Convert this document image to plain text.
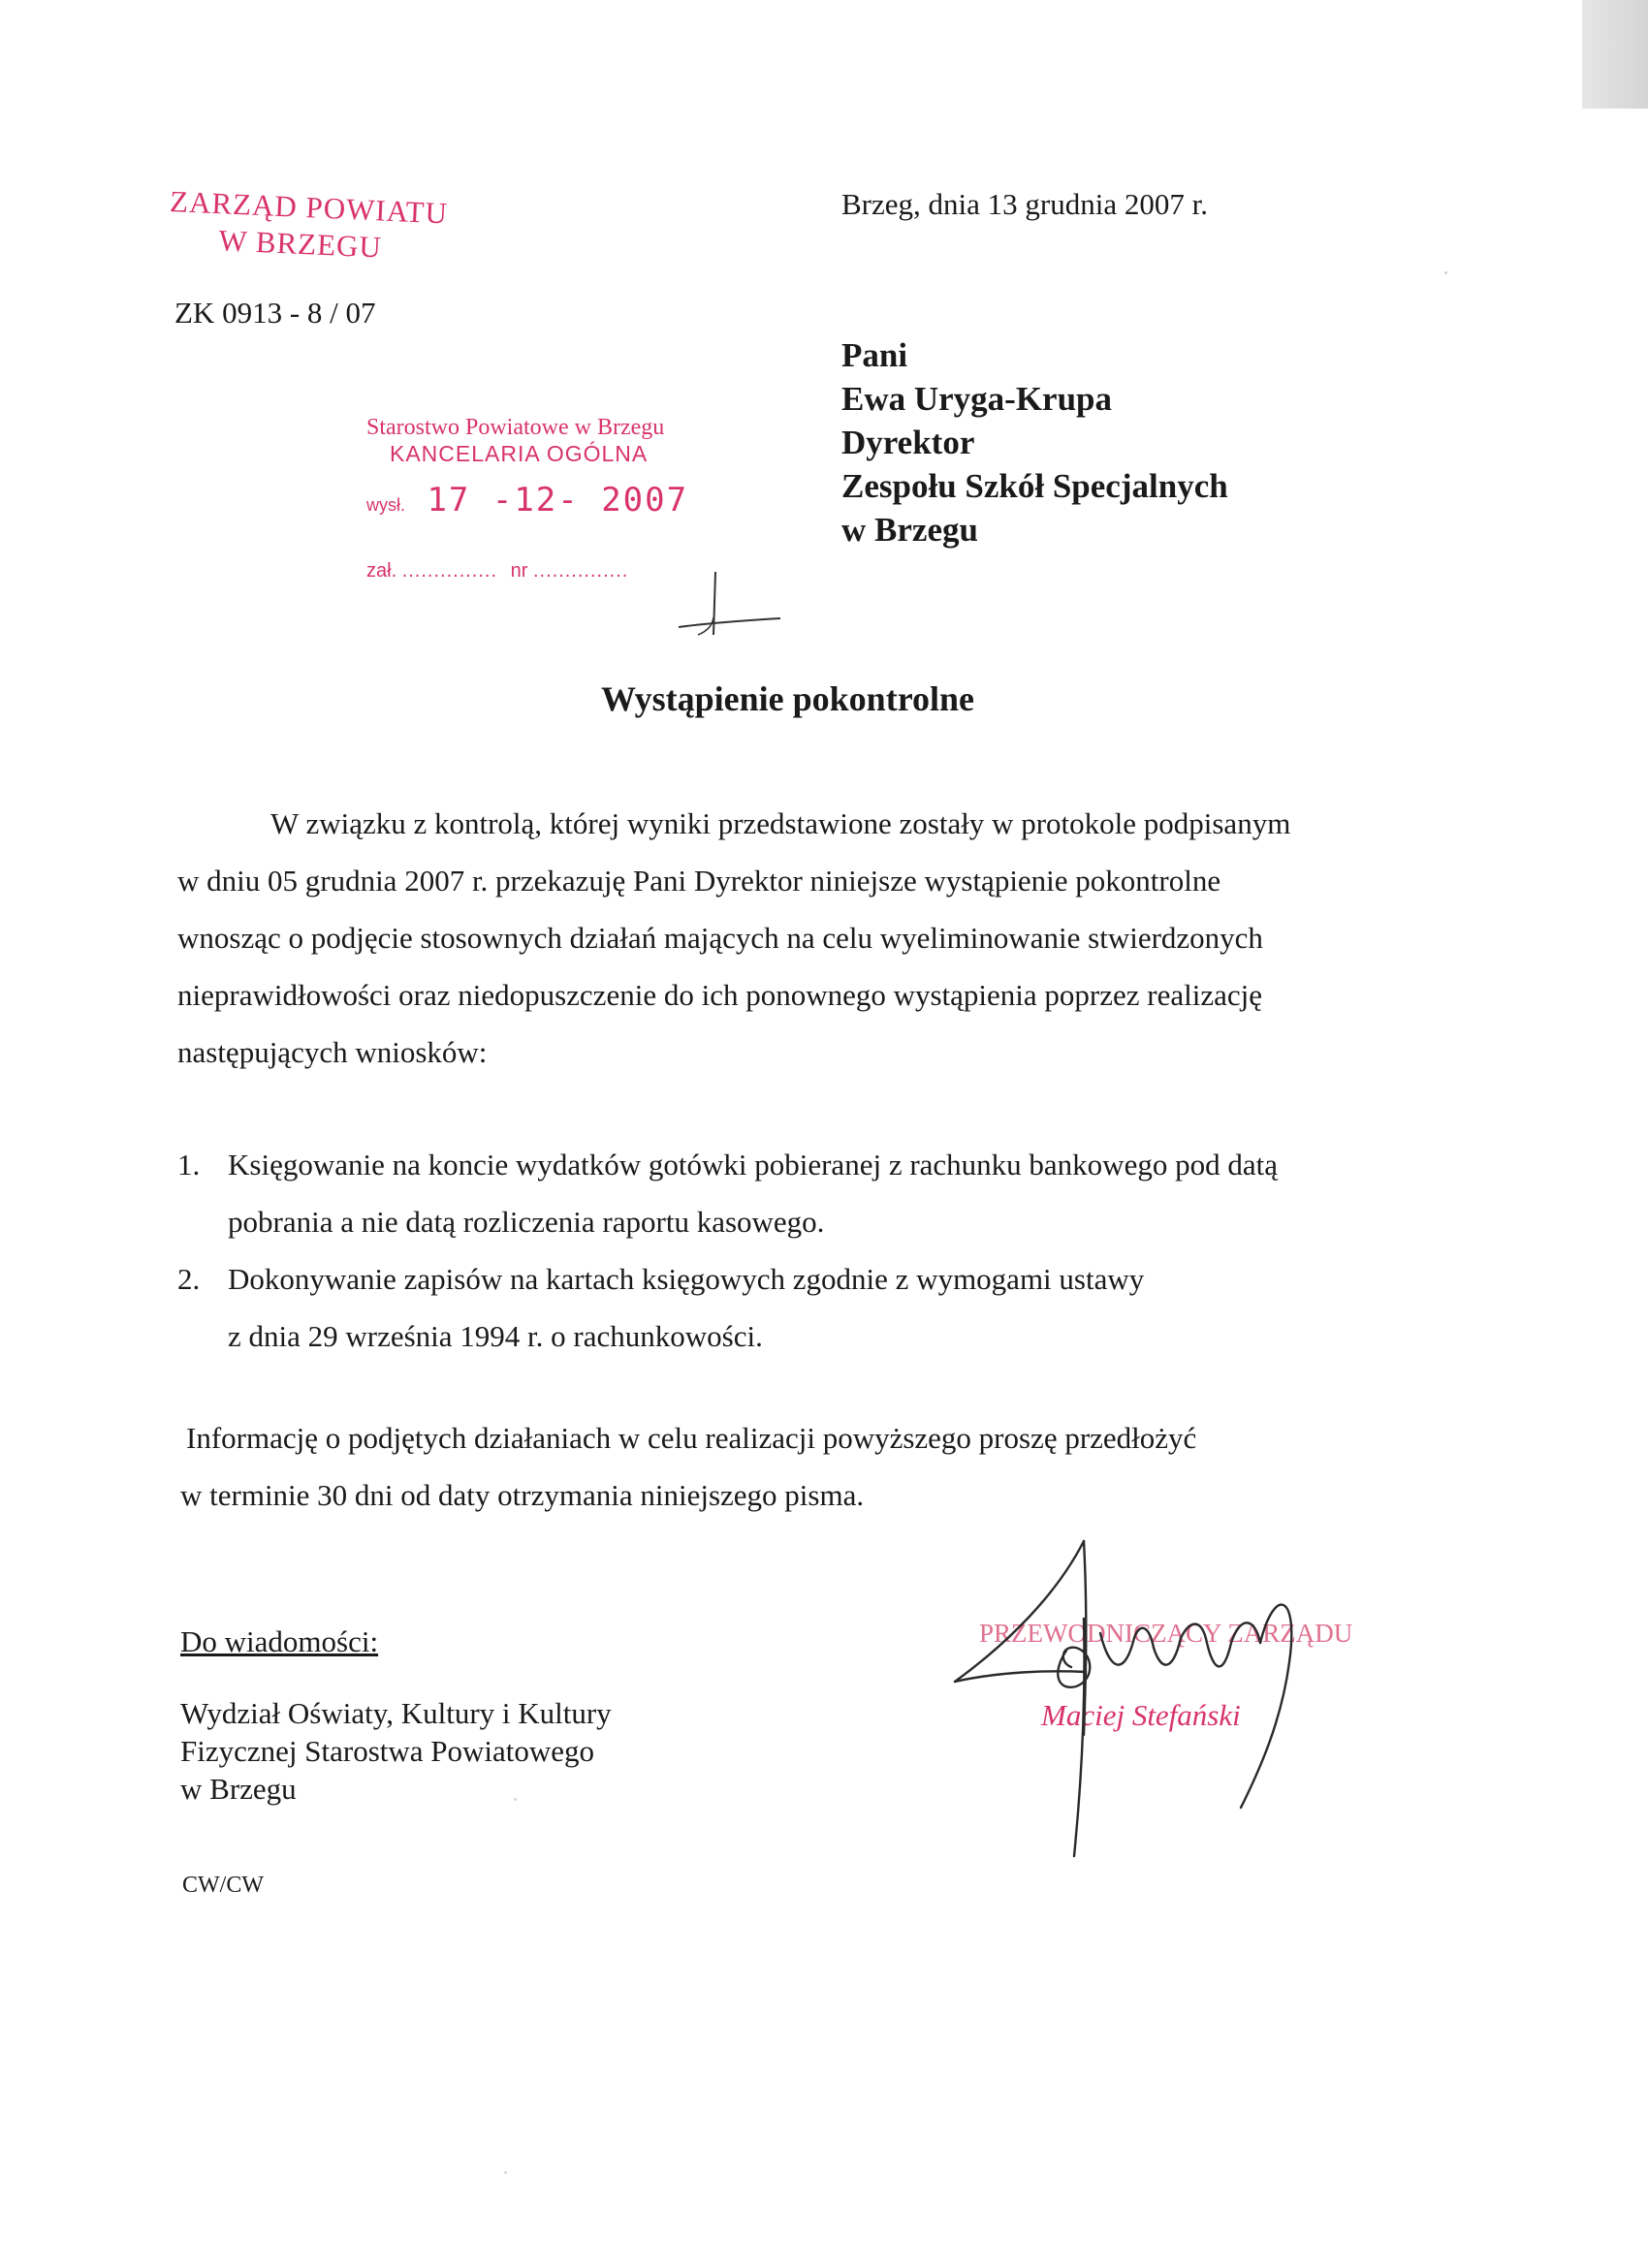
ZARZĄD POWIATU
W BRZEGU
ZK 0913 - 8 / 07
Brzeg, dnia 13 grudnia 2007 r.
Pani
Ewa Uryga-Krupa
Dyrektor
Zespołu Szkół Specjalnych
w Brzegu
Starostwo Powiatowe w Brzegu
KANCELARIA OGÓLNA
wysł. 17 -12- 2007
zał. ............... nr ...............
Wystąpienie pokontrolne
W związku z kontrolą, której wyniki przedstawione zostały w protokole podpisanym
w dniu 05 grudnia 2007 r. przekazuję Pani Dyrektor niniejsze wystąpienie pokontrolne
wnosząc o podjęcie stosownych działań mających na celu wyeliminowanie stwierdzonych
nieprawidłowości oraz niedopuszczenie do ich ponownego wystąpienia poprzez realizację
następujących wniosków:
1. Księgowanie na koncie wydatków gotówki pobieranej z rachunku bankowego pod datą
pobrania a nie datą rozliczenia raportu kasowego.
2. Dokonywanie zapisów na kartach księgowych zgodnie z wymogami ustawy
z dnia 29 września 1994 r. o rachunkowości.
Informację o podjętych działaniach w celu realizacji powyższego proszę przedłożyć
w terminie 30 dni od daty otrzymania niniejszego pisma.
Do wiadomości:
Wydział Oświaty, Kultury i Kultury
Fizycznej Starostwa Powiatowego
w Brzegu
CW/CW
PRZEWODNICZĄCY ZARZĄDU
Maciej Stefański
